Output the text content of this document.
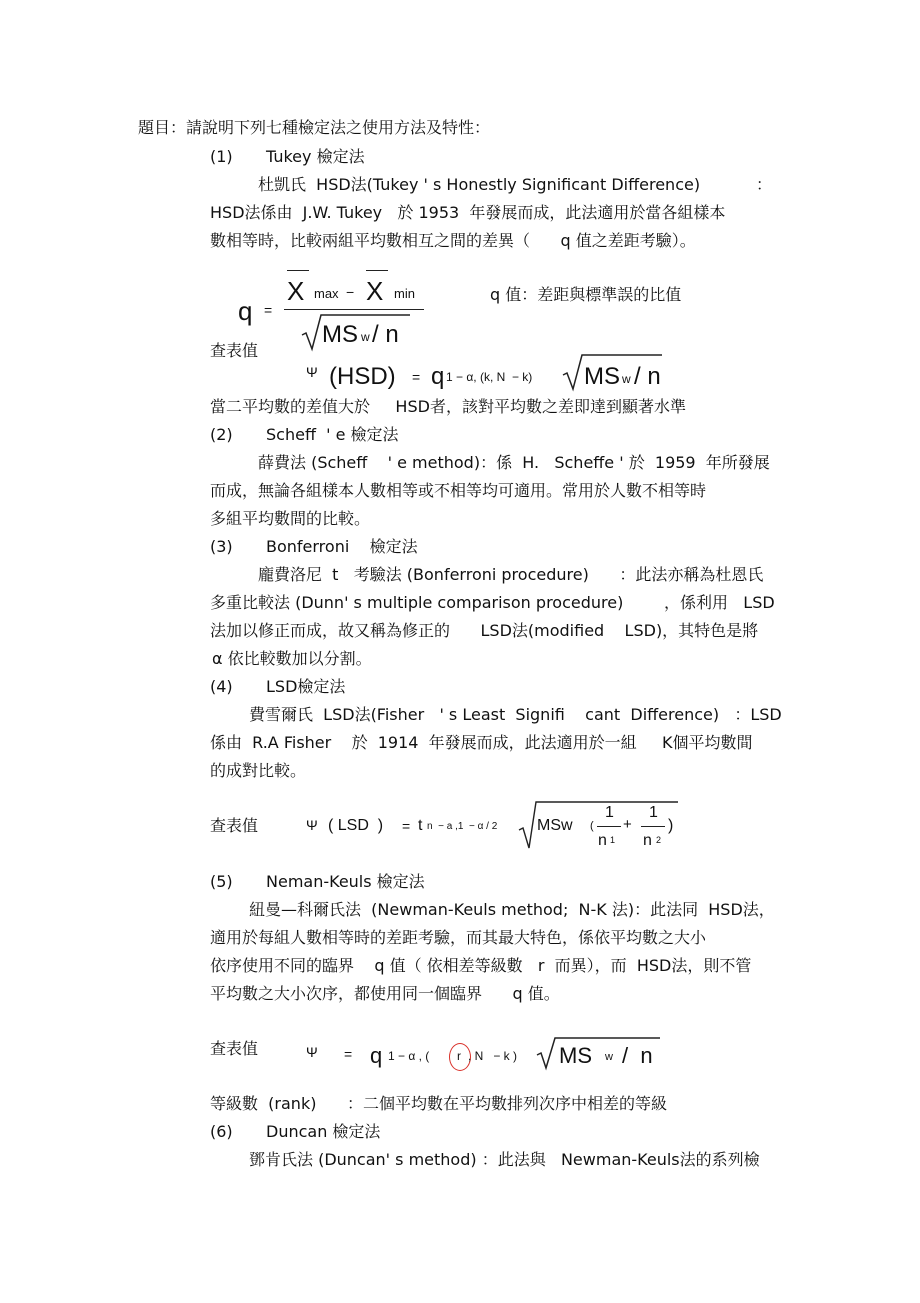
題目：請說明下列七種檢定法之使用方法及特性：
(1) Tukey 檢定法
杜凱氏  HSD法(Tukey ' s Honestly Significant Difference)           ：
HSD法係由  J.W. Tukey   於 1953  年發展而成，此法適用於當各組樣本
數相等時，比較兩組平均數相互之間的差異（      q 值之差距考驗）。
q =
X max − X min
MS w / n
q 值：差距與標準誤的比值
查表值
Ψ (HSD) = q 1 − α, (k, N  − k) MS w / n
當二平均數的差值大於     HSD者，該對平均數之差即達到顯著水準
(2) Scheff  ' e 檢定法
薛費法 (Scheff    ' e method)：係  H.   Scheffe ' 於  1959  年所發展
而成，無論各組樣本人數相等或不相等均可適用。常用於人數不相等時
多組平均數間的比較。
(3) Bonferroni    檢定法
龐費洛尼  t   考驗法 (Bonferroni procedure)      ：此法亦稱為杜恩氏
多重比較法 (Dunn' s multiple comparison procedure)        ，係利用   LSD
法加以修正而成，故又稱為修正的      LSD法(modified    LSD)，其特色是將
α 依比較數加以分割。
(4) LSD檢定法
費雪爾氏  LSD法(Fisher   ' s Least  Signifi    cant  Difference)   ：LSD
係由  R.A Fisher    於  1914  年發展而成，此法適用於一組     K個平均數間
的成對比較。
查表值	Ψ ( LSD  ) = t n  − a ,1  − α / 2 MSw (
1
n 1
+
1
n 2
)
(5) Neman-Keuls 檢定法
紐曼—科爾氏法  (Newman-Keuls method;  N-K 法)：此法同  HSD法，
適用於每組人數相等時的差距考驗，而其最大特色，係依平均數之大小
依序使用不同的臨界    q 值（ 依相差等級數   r  而異），而  HSD法，則不管
平均數之大小次序，都使用同一個臨界      q 值。
查表值	Ψ = q 1 − α , ( r , N   − k ) MS w /  n
等級數  (rank)      ：二個平均數在平均數排列次序中相差的等級
(6) Duncan 檢定法
鄧肯氏法 (Duncan' s method) ：此法與   Newman-Keuls法的系列檢
